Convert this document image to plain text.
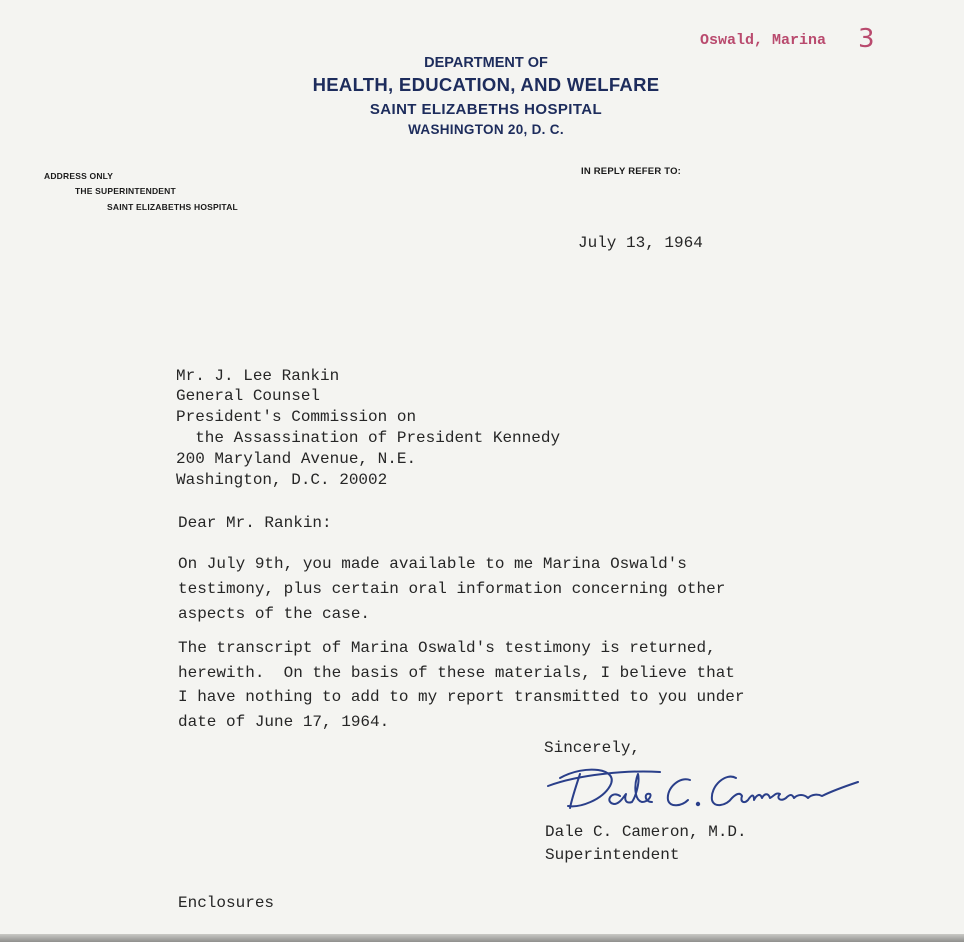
Oswald, Marina 3
DEPARTMENT OF
HEALTH, EDUCATION, AND WELFARE
SAINT ELIZABETHS HOSPITAL
WASHINGTON 20, D. C.
ADDRESS ONLY
THE SUPERINTENDENT
SAINT ELIZABETHS HOSPITAL
IN REPLY REFER TO:
July 13, 1964
Mr. J. Lee Rankin
General Counsel
President's Commission on
the Assassination of President Kennedy
200 Maryland Avenue, N.E.
Washington, D.C. 20002
Dear Mr. Rankin:
On July 9th, you made available to me Marina Oswald's
testimony, plus certain oral information concerning other
aspects of the case.
The transcript of Marina Oswald's testimony is returned,
herewith.  On the basis of these materials, I believe that
I have nothing to add to my report transmitted to you under
date of June 17, 1964.
Sincerely,
Dale C. Cameron, M.D.
Superintendent
Enclosures
